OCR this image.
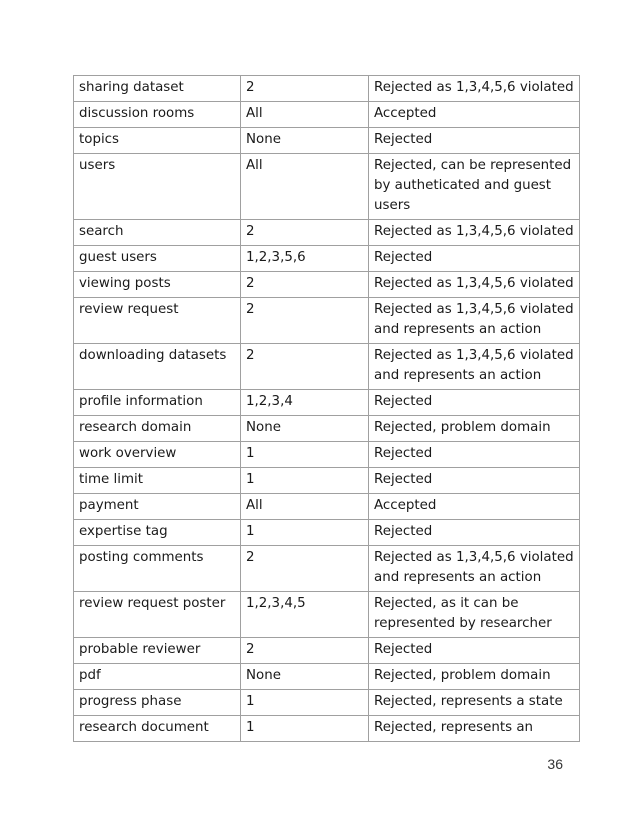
sharing dataset	2	Rejected as 1,3,4,5,6 violated
discussion rooms	All	Accepted
topics	None	Rejected
users	All	Rejected, can be represented by autheticated and guest users
search	2	Rejected as 1,3,4,5,6 violated
guest users	1,2,3,5,6	Rejected
viewing posts	2	Rejected as 1,3,4,5,6 violated
review request	2	Rejected as 1,3,4,5,6 violated and represents an action
downloading datasets	2	Rejected as 1,3,4,5,6 violated and represents an action
profile information	1,2,3,4	Rejected
research domain	None	Rejected, problem domain
work overview	1	Rejected
time limit	1	Rejected
payment	All	Accepted
expertise tag	1	Rejected
posting comments	2	Rejected as 1,3,4,5,6 violated and represents an action
review request poster	1,2,3,4,5	Rejected, as it can be represented by researcher
probable reviewer	2	Rejected
pdf	None	Rejected, problem domain
progress phase	1	Rejected, represents a state
research document	1	Rejected, represents an
36
